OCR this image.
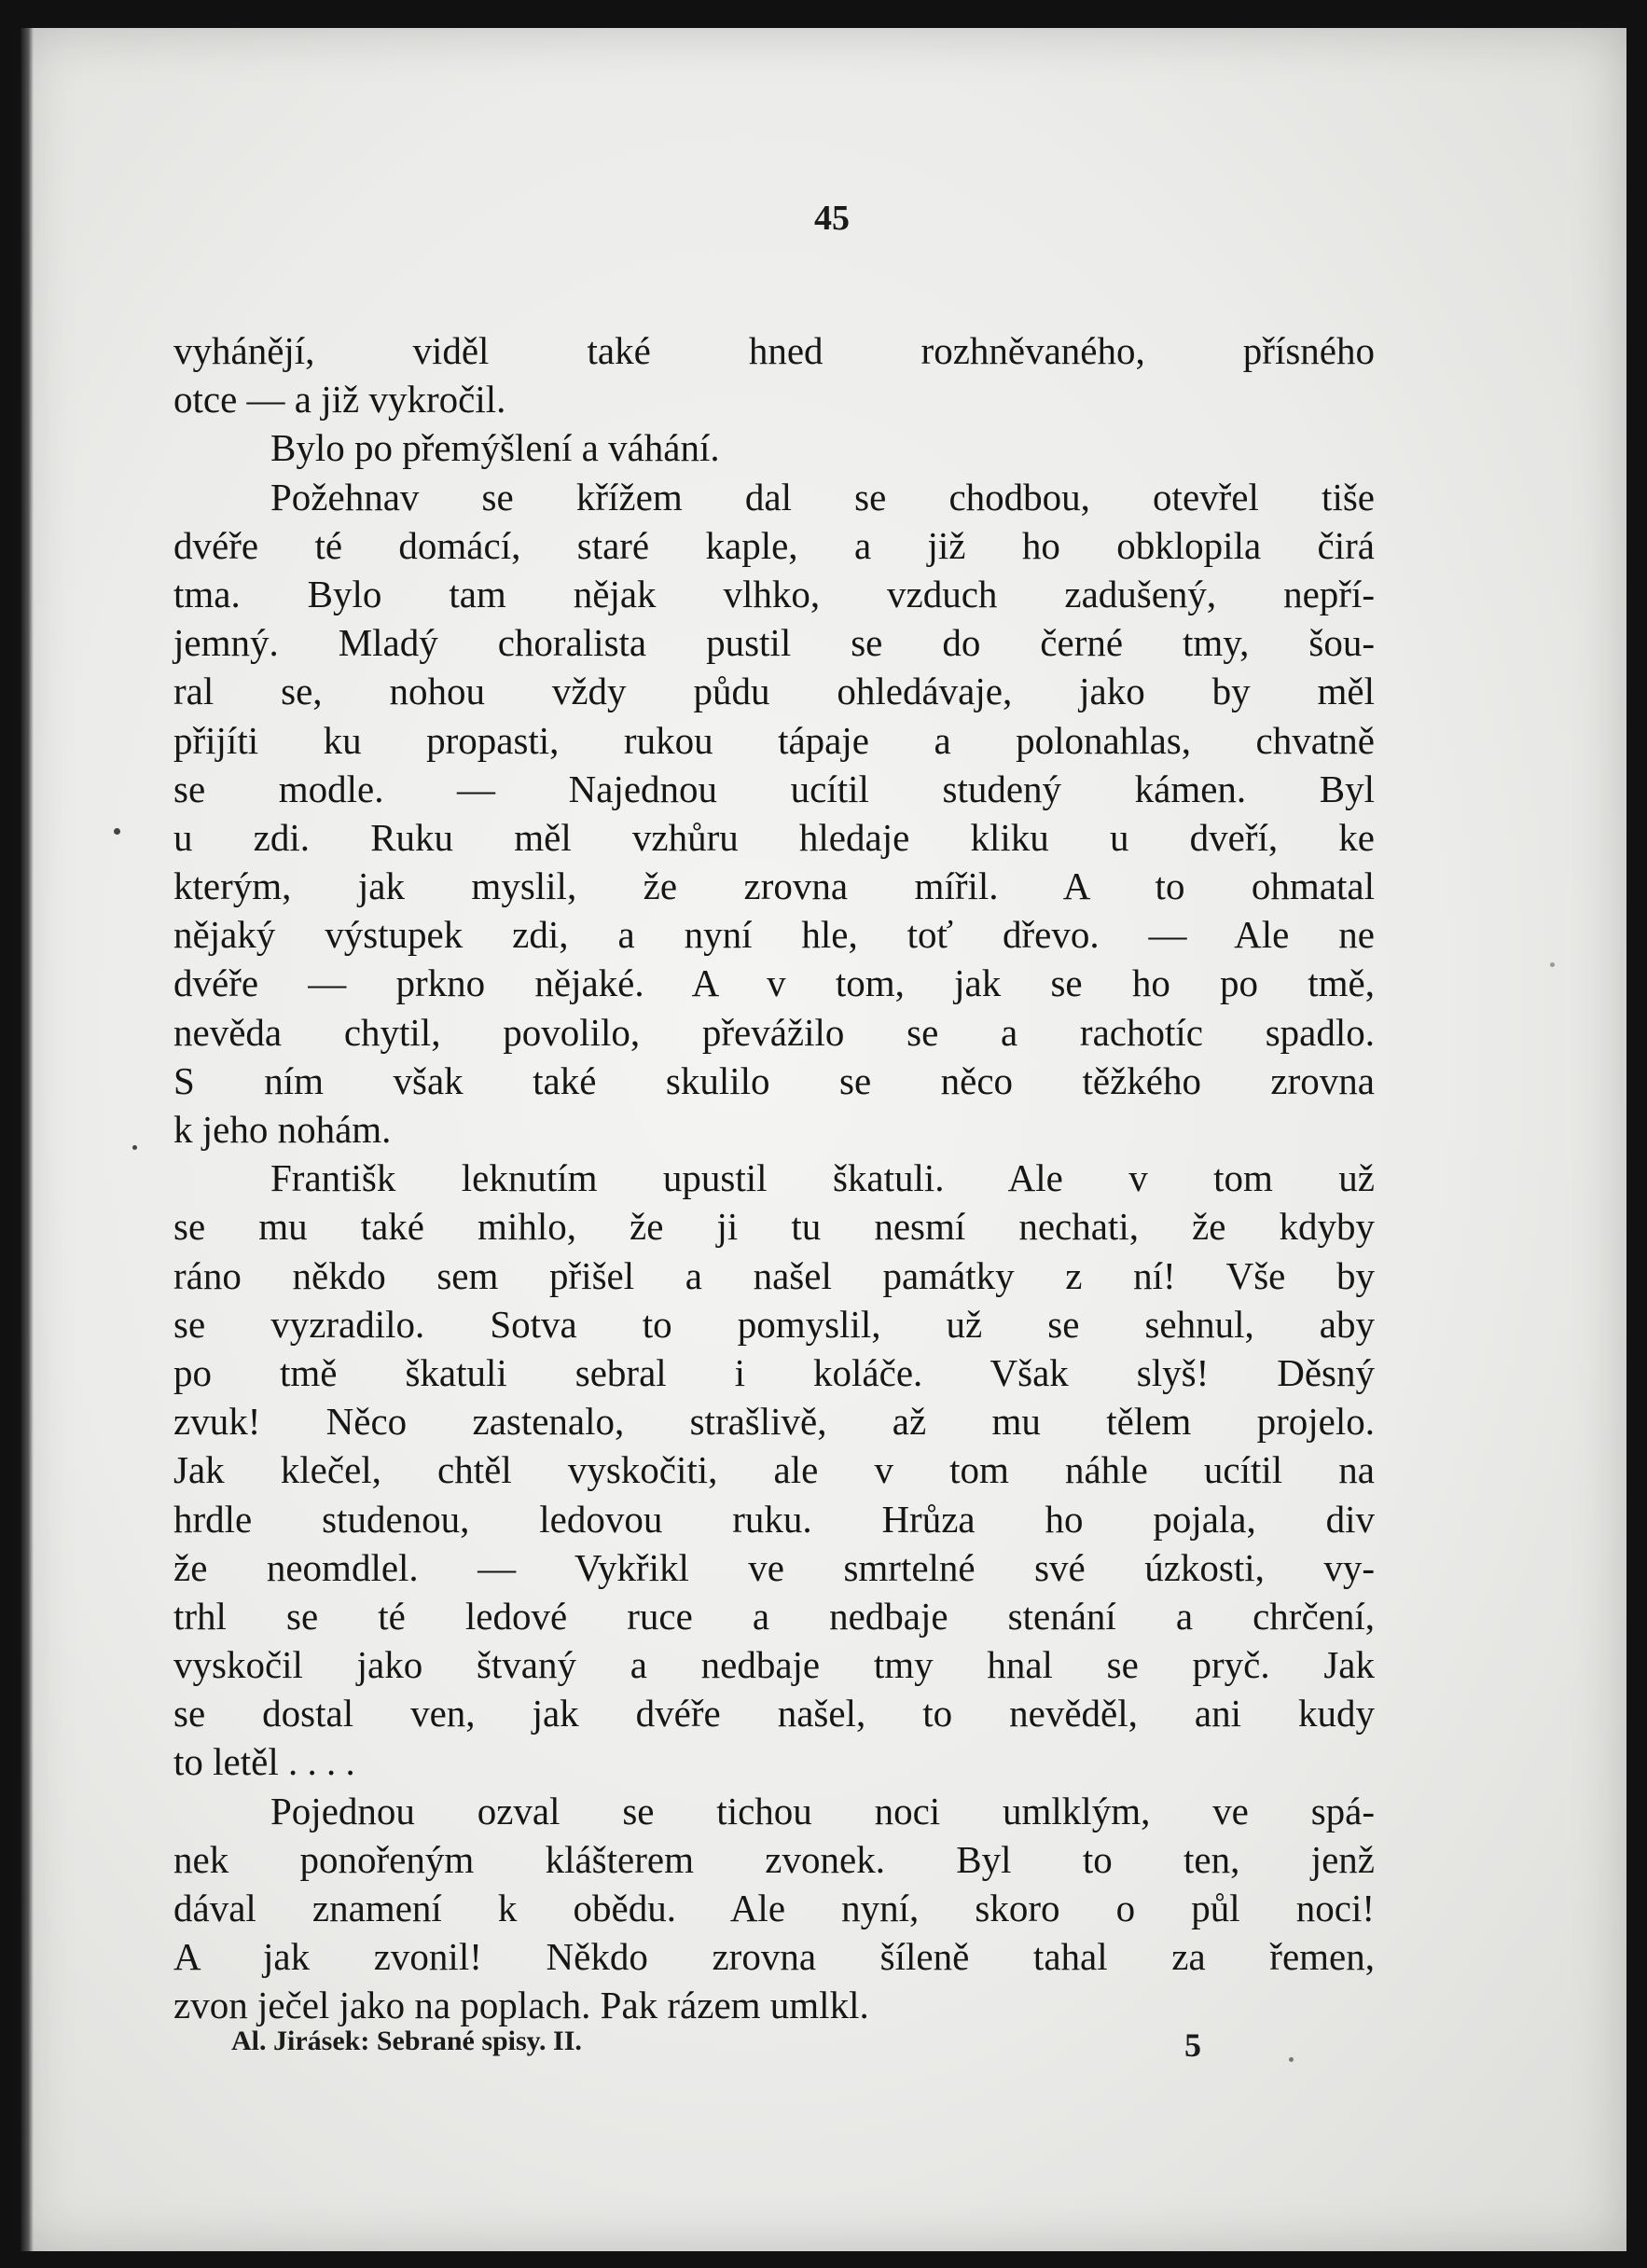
45
vyhánějí, viděl také hned rozhněvaného, přísného
otce — a již vykročil.
Bylo po přemýšlení a váhání.
Požehnav se křížem dal se chodbou, otevřel tiše
dvéře té domácí, staré kaple, a již ho obklopila čirá
tma. Bylo tam nějak vlhko, vzduch zadušený, nepří-
jemný. Mladý choralista pustil se do černé tmy, šou-
ral se, nohou vždy půdu ohledávaje, jako by měl
přijíti ku propasti, rukou tápaje a polonahlas, chvatně
se modle. — Najednou ucítil studený kámen. Byl
u zdi. Ruku měl vzhůru hledaje kliku u dveří, ke
kterým, jak myslil, že zrovna mířil. A to ohmatal
nějaký výstupek zdi, a nyní hle, toť dřevo. — Ale ne
dvéře — prkno nějaké. A v tom, jak se ho po tmě,
nevěda chytil, povolilo, převážilo se a rachotíc spadlo.
S ním však také skulilo se něco těžkého zrovna
k jeho nohám.
Františk leknutím upustil škatuli. Ale v tom už
se mu také mihlo, že ji tu nesmí nechati, že kdyby
ráno někdo sem přišel a našel památky z ní! Vše by
se vyzradilo. Sotva to pomyslil, už se sehnul, aby
po tmě škatuli sebral i koláče. Však slyš! Děsný
zvuk! Něco zastenalo, strašlivě, až mu tělem projelo.
Jak klečel, chtěl vyskočiti, ale v tom náhle ucítil na
hrdle studenou, ledovou ruku. Hrůza ho pojala, div
že neomdlel. — Vykřikl ve smrtelné své úzkosti, vy-
trhl se té ledové ruce a nedbaje stenání a chrčení,
vyskočil jako štvaný a nedbaje tmy hnal se pryč. Jak
se dostal ven, jak dvéře našel, to nevěděl, ani kudy
to letěl . . . .
Pojednou ozval se tichou noci umlklým, ve spá-
nek ponořeným klášterem zvonek. Byl to ten, jenž
dával znamení k obědu. Ale nyní, skoro o půl noci!
A jak zvonil! Někdo zrovna šíleně tahal za řemen,
zvon ječel jako na poplach. Pak rázem umlkl.
Al. Jirásek: Sebrané spisy. II.	5
